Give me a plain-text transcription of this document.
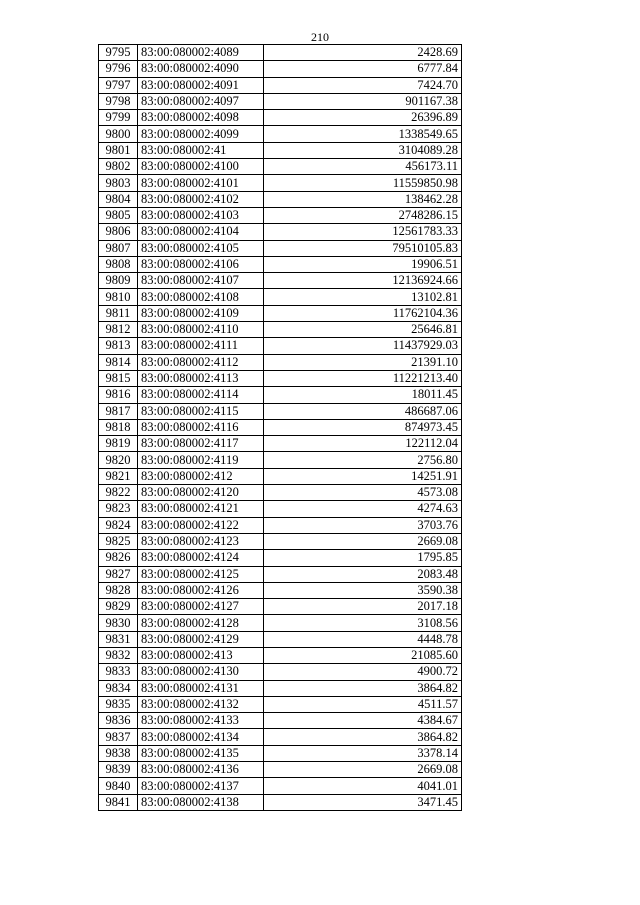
210
9795	83:00:080002:4089	2428.69
9796	83:00:080002:4090	6777.84
9797	83:00:080002:4091	7424.70
9798	83:00:080002:4097	901167.38
9799	83:00:080002:4098	26396.89
9800	83:00:080002:4099	1338549.65
9801	83:00:080002:41	3104089.28
9802	83:00:080002:4100	456173.11
9803	83:00:080002:4101	11559850.98
9804	83:00:080002:4102	138462.28
9805	83:00:080002:4103	2748286.15
9806	83:00:080002:4104	12561783.33
9807	83:00:080002:4105	79510105.83
9808	83:00:080002:4106	19906.51
9809	83:00:080002:4107	12136924.66
9810	83:00:080002:4108	13102.81
9811	83:00:080002:4109	11762104.36
9812	83:00:080002:4110	25646.81
9813	83:00:080002:4111	11437929.03
9814	83:00:080002:4112	21391.10
9815	83:00:080002:4113	11221213.40
9816	83:00:080002:4114	18011.45
9817	83:00:080002:4115	486687.06
9818	83:00:080002:4116	874973.45
9819	83:00:080002:4117	122112.04
9820	83:00:080002:4119	2756.80
9821	83:00:080002:412	14251.91
9822	83:00:080002:4120	4573.08
9823	83:00:080002:4121	4274.63
9824	83:00:080002:4122	3703.76
9825	83:00:080002:4123	2669.08
9826	83:00:080002:4124	1795.85
9827	83:00:080002:4125	2083.48
9828	83:00:080002:4126	3590.38
9829	83:00:080002:4127	2017.18
9830	83:00:080002:4128	3108.56
9831	83:00:080002:4129	4448.78
9832	83:00:080002:413	21085.60
9833	83:00:080002:4130	4900.72
9834	83:00:080002:4131	3864.82
9835	83:00:080002:4132	4511.57
9836	83:00:080002:4133	4384.67
9837	83:00:080002:4134	3864.82
9838	83:00:080002:4135	3378.14
9839	83:00:080002:4136	2669.08
9840	83:00:080002:4137	4041.01
9841	83:00:080002:4138	3471.45
